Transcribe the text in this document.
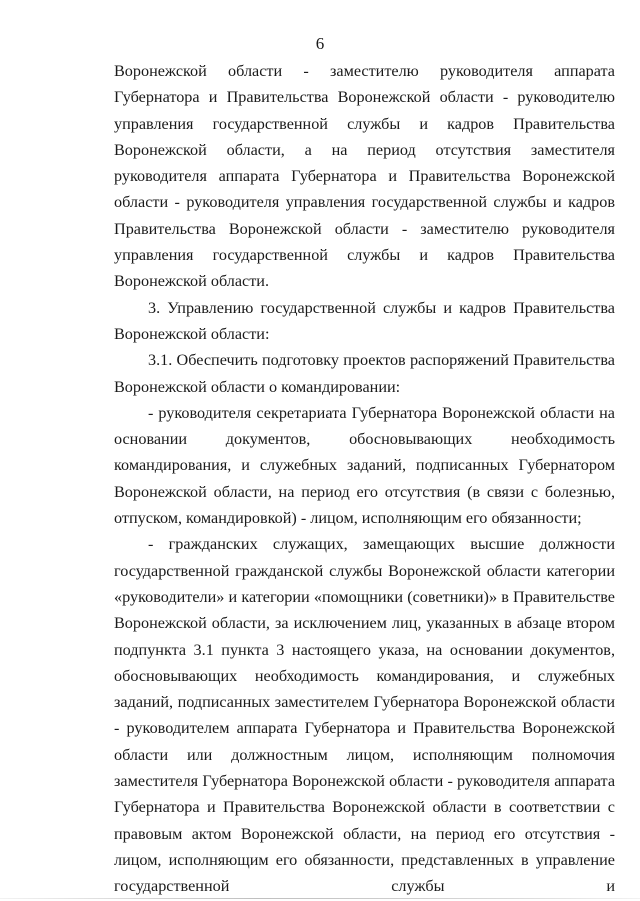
6

Воронежской области - заместителю руководителя аппарата Губернатора и Правительства Воронежской области - руководителю управления государственной службы и кадров Правительства Воронежской области, а на период отсутствия заместителя руководителя аппарата Губернатора и Правительства Воронежской области - руководителя управления государственной службы и кадров Правительства Воронежской области - заместителю руководителя управления государственной службы и кадров Правительства Воронежской области.

3. Управлению государственной службы и кадров Правительства Воронежской области:

3.1. Обеспечить подготовку проектов распоряжений Правительства Воронежской области о командировании:

- руководителя секретариата Губернатора Воронежской области на основании документов, обосновывающих необходимость командирования, и служебных заданий, подписанных Губернатором Воронежской области, на период его отсутствия (в связи с болезнью, отпуском, командировкой) - лицом, исполняющим его обязанности;

- гражданских служащих, замещающих высшие должности государственной гражданской службы Воронежской области категории «руководители» и категории «помощники (советники)» в Правительстве Воронежской области, за исключением лиц, указанных в абзаце втором подпункта 3.1 пункта 3 настоящего указа, на основании документов, обосновывающих необходимость командирования, и служебных заданий, подписанных заместителем Губернатора Воронежской области - руководителем аппарата Губернатора и Правительства Воронежской области или должностным лицом, исполняющим полномочия заместителя Губернатора Воронежской области - руководителя аппарата Губернатора и Правительства Воронежской области в соответствии с правовым актом Воронежской области, на период его отсутствия - лицом, исполняющим его обязанности, представленных в управление государственной службы и
